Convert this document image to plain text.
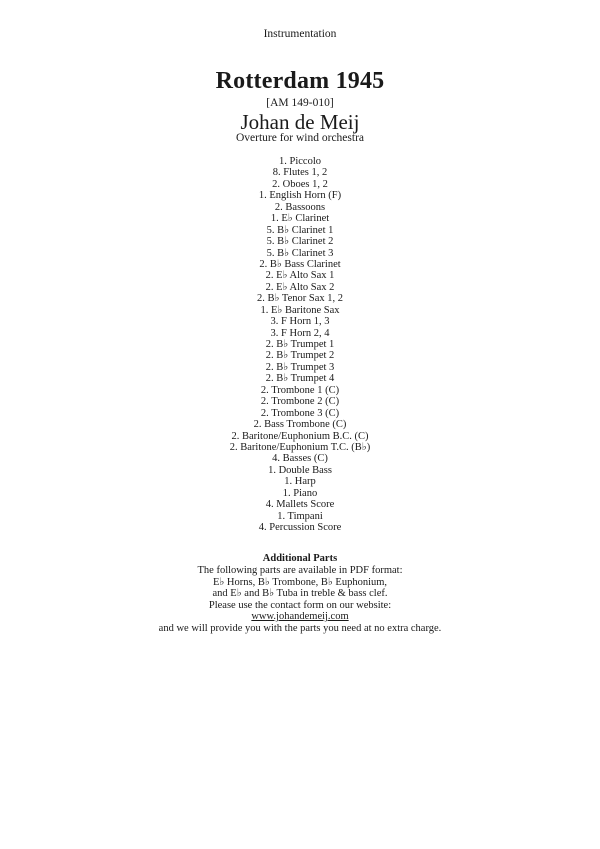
Instrumentation
Rotterdam 1945
[AM 149-010]
Johan de Meij
Overture for wind orchestra
1. Piccolo
8. Flutes 1, 2
2. Oboes 1, 2
1. English Horn (F)
2. Bassoons
1. E♭ Clarinet
5. B♭ Clarinet 1
5. B♭ Clarinet 2
5. B♭ Clarinet 3
2. B♭ Bass Clarinet
2. E♭ Alto Sax 1
2. E♭ Alto Sax 2
2. B♭ Tenor Sax 1, 2
1. E♭ Baritone Sax
3. F Horn 1, 3
3. F Horn 2, 4
2. B♭ Trumpet 1
2. B♭ Trumpet 2
2. B♭ Trumpet 3
2. B♭ Trumpet 4
2. Trombone 1 (C)
2. Trombone 2 (C)
2. Trombone 3 (C)
2. Bass Trombone (C)
2. Baritone/Euphonium B.C. (C)
2. Baritone/Euphonium T.C. (B♭)
4. Basses (C)
1. Double Bass
1. Harp
1. Piano
4. Mallets Score
1. Timpani
4. Percussion Score
Additional Parts
The following parts are available in PDF format:
E♭ Horns, B♭ Trombone, B♭ Euphonium,
and E♭ and B♭ Tuba in treble & bass clef.
Please use the contact form on our website:
www.johandemeij.com
and we will provide you with the parts you need at no extra charge.
